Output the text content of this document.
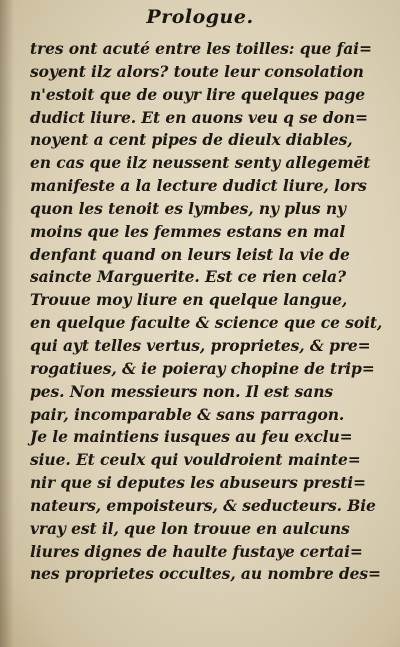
Prologue.
tres ont acuté entre les toilles: que fai=
soyent ilz alors? toute leur consolation
n'estoit que de ouyr lire quelques page
dudict liure. Et en auons veu q se don=
noyent a cent pipes de dieulx diables,
en cas que ilz neussent senty allegemēt
manifeste a la lecture dudict liure, lors
quon les tenoit es lymbes, ny plus ny
moins que les femmes estans en mal
denfant quand on leurs leist la vie de
saincte Marguerite. Est ce rien cela?
Trouue moy liure en quelque langue,
en quelque faculte & science que ce soit,
qui ayt telles vertus, proprietes, & pre=
rogatiues, & ie poieray chopine de trip=
pes. Non messieurs non. Il est sans
pair, incomparable & sans parragon.
Je le maintiens iusques au feu exclu=
siue. Et ceulx qui vouldroient mainte=
nir que si deputes les abuseurs presti=
nateurs, empoisteurs, & seducteurs. Bie
vray est il, que lon trouue en aulcuns
liures dignes de haulte fustaye certai=
nes proprietes occultes, au nombre des=
